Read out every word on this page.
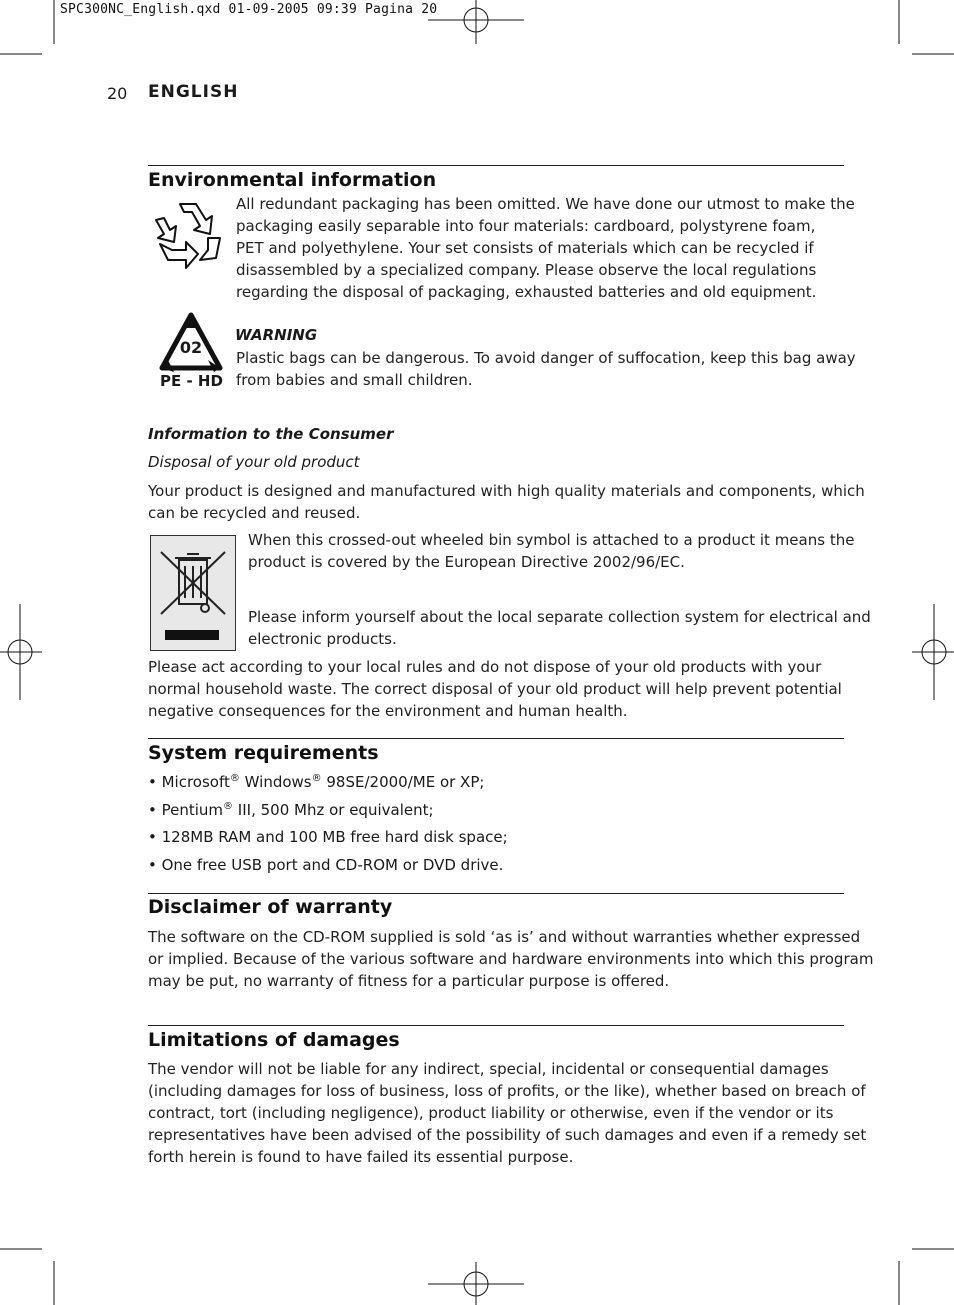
SPC300NC_English.qxd 01-09-2005 09:39 Pagina 20
20 ENGLISH
Environmental information
All redundant packaging has been omitted. We have done our utmost to make the
packaging easily separable into four materials: cardboard, polystyrene foam,
PET and polyethylene. Your set consists of materials which can be recycled if
disassembled by a specialized company. Please observe the local regulations
regarding the disposal of packaging, exhausted batteries and old equipment.
02
PE - HD
WARNING
Plastic bags can be dangerous. To avoid danger of suffocation, keep this bag away
from babies and small children.
Information to the Consumer
Disposal of your old product
Your product is designed and manufactured with high quality materials and components, which
can be recycled and reused.
When this crossed-out wheeled bin symbol is attached to a product it means the
product is covered by the European Directive 2002/96/EC.
Please inform yourself about the local separate collection system for electrical and
electronic products.
Please act according to your local rules and do not dispose of your old products with your
normal household waste. The correct disposal of your old product will help prevent potential
negative consequences for the environment and human health.
System requirements
• Microsoft® Windows® 98SE/2000/ME or XP;
• Pentium® III, 500 Mhz or equivalent;
• 128MB RAM and 100 MB free hard disk space;
• One free USB port and CD-ROM or DVD drive.
Disclaimer of warranty
The software on the CD-ROM supplied is sold ‘as is’ and without warranties whether expressed
or implied. Because of the various software and hardware environments into which this program
may be put, no warranty of fitness for a particular purpose is offered.
Limitations of damages
The vendor will not be liable for any indirect, special, incidental or consequential damages
(including damages for loss of business, loss of profits, or the like), whether based on breach of
contract, tort (including negligence), product liability or otherwise, even if the vendor or its
representatives have been advised of the possibility of such damages and even if a remedy set
forth herein is found to have failed its essential purpose.
